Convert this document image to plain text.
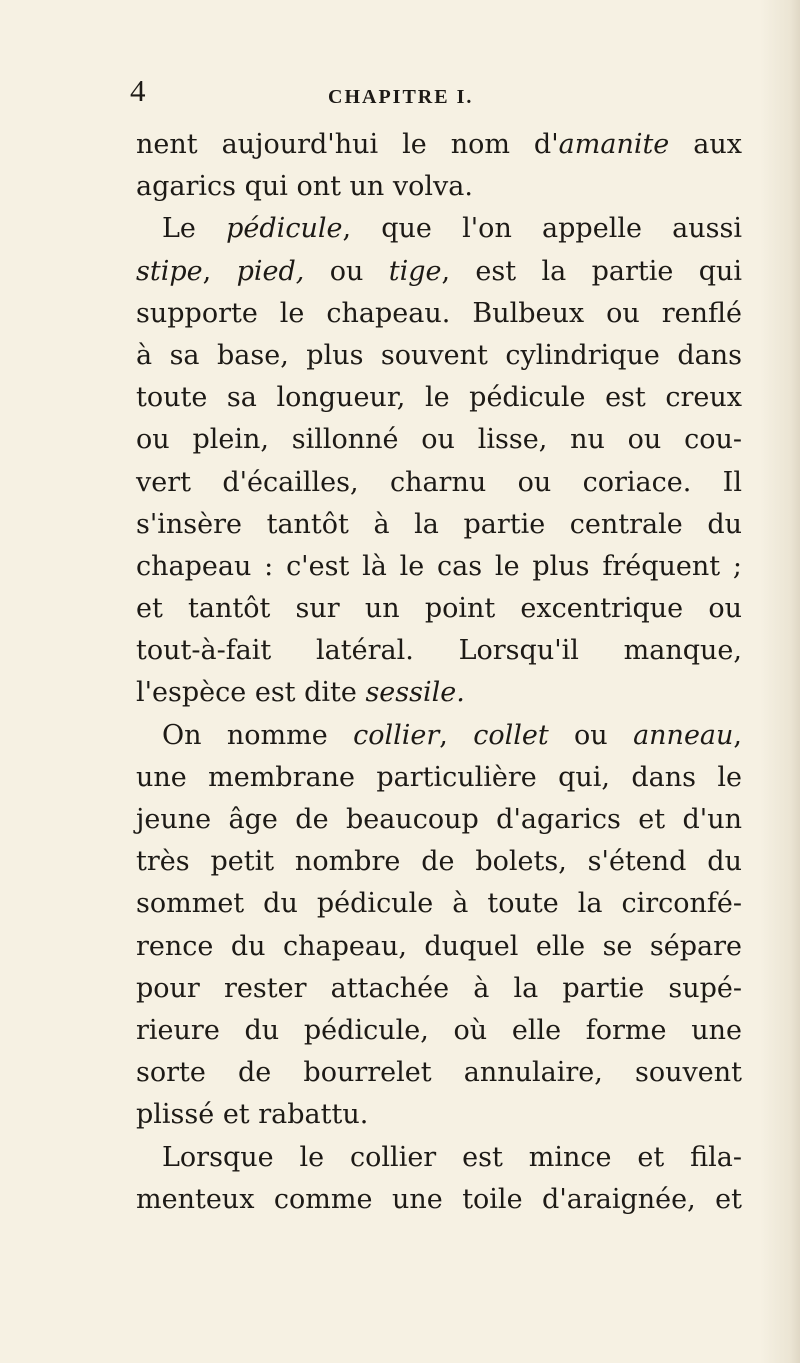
4	CHAPITRE I.
nent aujourd'hui le nom d'amanite aux
agarics qui ont un volva.
Le pédicule, que l'on appelle aussi
stipe, pied, ou tige, est la partie qui
supporte le chapeau. Bulbeux ou renflé
à sa base, plus souvent cylindrique dans
toute sa longueur, le pédicule est creux
ou plein, sillonné ou lisse, nu ou cou-
vert d'écailles, charnu ou coriace. Il
s'insère tantôt à la partie centrale du
chapeau : c'est là le cas le plus fréquent ;
et tantôt sur un point excentrique ou
tout-à-fait latéral. Lorsqu'il manque,
l'espèce est dite sessile.
On nomme collier, collet ou anneau,
une membrane particulière qui, dans le
jeune âge de beaucoup d'agarics et d'un
très petit nombre de bolets, s'étend du
sommet du pédicule à toute la circonfé-
rence du chapeau, duquel elle se sépare
pour rester attachée à la partie supé-
rieure du pédicule, où elle forme une
sorte de bourrelet annulaire, souvent
plissé et rabattu.
Lorsque le collier est mince et fila-
menteux comme une toile d'araignée, et
